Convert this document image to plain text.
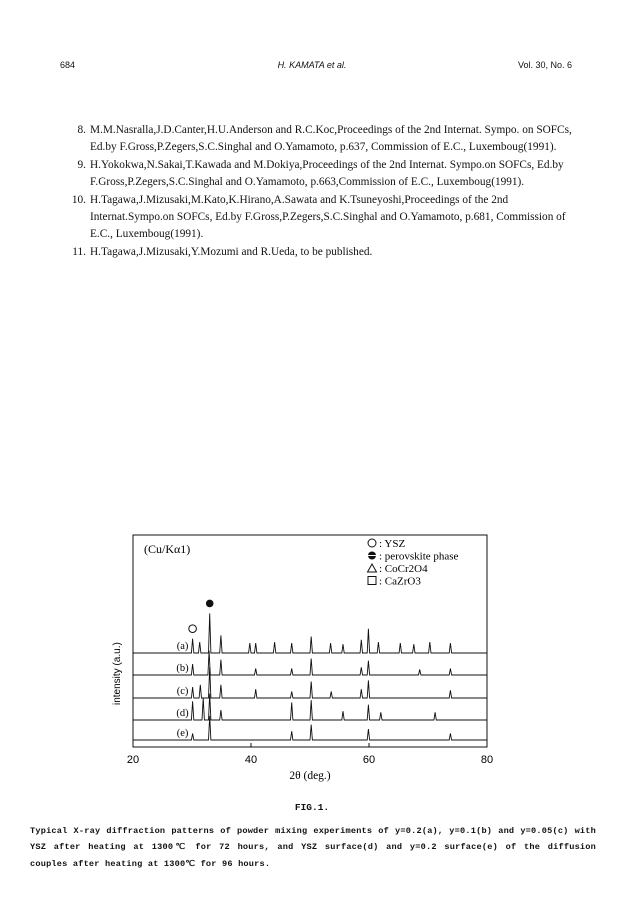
684	H. KAMATA et al.	Vol. 30, No. 6
8. M.M.Nasralla,J.D.Canter,H.U.Anderson and R.C.Koc,Proceedings of the 2nd Internat. Sympo. on SOFCs, Ed.by F.Gross,P.Zegers,S.C.Singhal and O.Yamamoto, p.637, Commission of E.C., Luxemboug(1991).
9. H.Yokokwa,N.Sakai,T.Kawada and M.Dokiya,Proceedings of the 2nd Internat. Sympo.on SOFCs, Ed.by F.Gross,P.Zegers,S.C.Singhal and O.Yamamoto, p.663,Commission of E.C., Luxemboug(1991).
10. H.Tagawa,J.Mizusaki,M.Kato,K.Hirano,A.Sawata and K.Tsuneyoshi,Proceedings of the 2nd Internat.Sympo.on SOFCs, Ed.by F.Gross,P.Zegers,S.C.Singhal and O.Yamamoto, p.681, Commission of E.C., Luxemboug(1991).
11. H.Tagawa,J.Mizusaki,Y.Mozumi and R.Ueda, to be published.
(Cu/Kα1)
intensity (a.u.)
2θ (deg.)
: YSZ
: perovskite phase
: CoCr2O4
: CaZrO3
(a)
(b)
(c)
(d)
(e)
20	40	60	80
FIG.1.
Typical X-ray diffraction patterns of powder mixing experiments of y=0.2(a), y=0.1(b) and y=0.05(c) with YSZ after heating at 1300℃ for 72 hours, and YSZ surface(d) and y=0.2 surface(e) of the diffusion couples after heating at 1300℃ for 96 hours.
